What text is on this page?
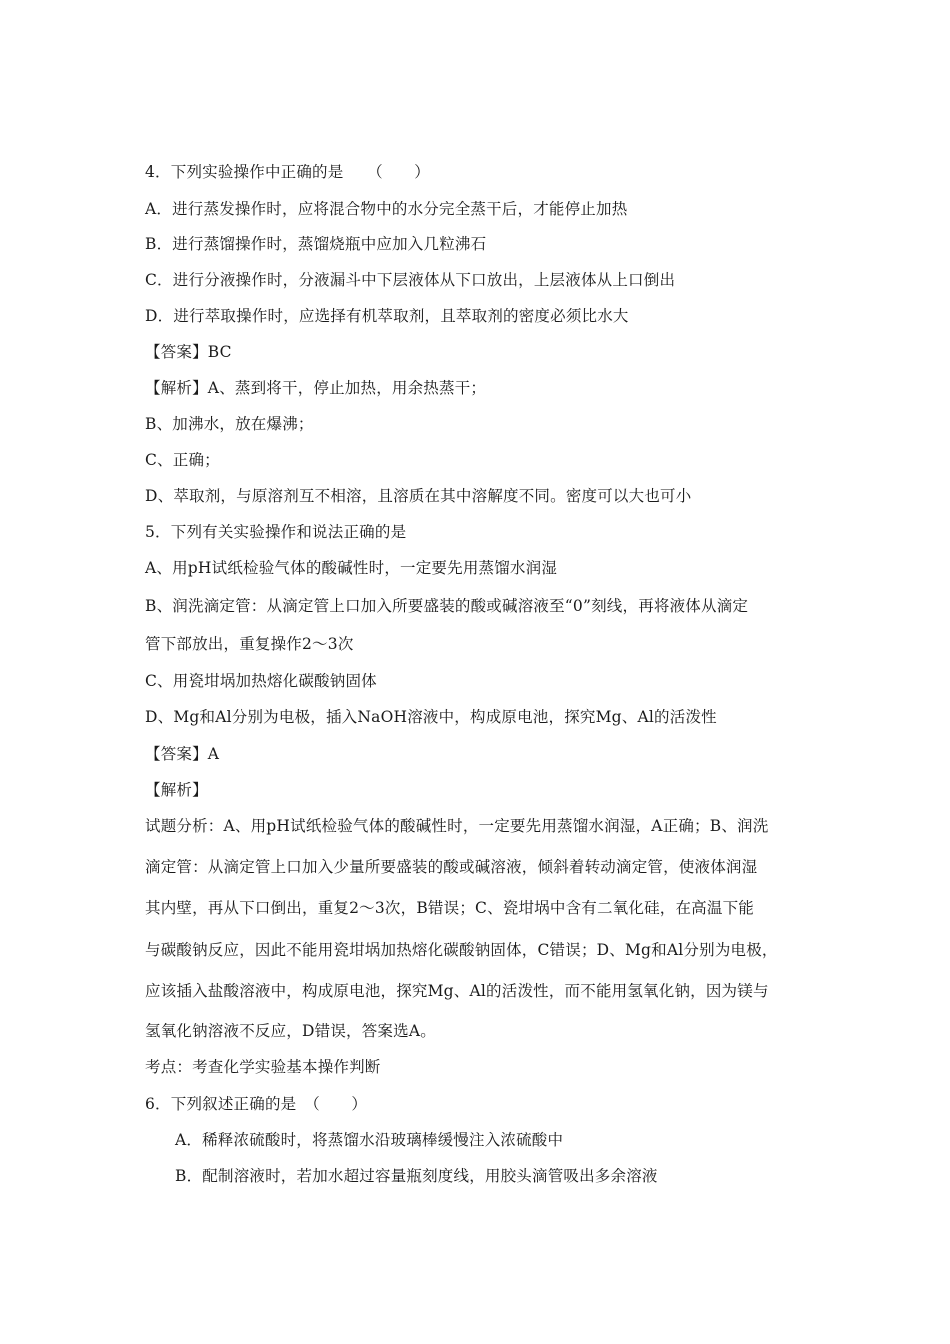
4．下列实验操作中正确的是　　（　　）
A．进行蒸发操作时，应将混合物中的水分完全蒸干后，才能停止加热
B．进行蒸馏操作时，蒸馏烧瓶中应加入几粒沸石
C．进行分液操作时，分液漏斗中下层液体从下口放出，上层液体从上口倒出
D．进行萃取操作时，应选择有机萃取剂，且萃取剂的密度必须比水大
【答案】BC
【解析】A、蒸到将干，停止加热，用余热蒸干；
B、加沸水，放在爆沸；
C、正确；
D、萃取剂，与原溶剂互不相溶，且溶质在其中溶解度不同。密度可以大也可小
5．下列有关实验操作和说法正确的是
A、用pH试纸检验气体的酸碱性时，一定要先用蒸馏水润湿
B、润洗滴定管：从滴定管上口加入所要盛装的酸或碱溶液至“0”刻线，再将液体从滴定
管下部放出，重复操作2～3次
C、用瓷坩埚加热熔化碳酸钠固体
D、Mg和Al分别为电极，插入NaOH溶液中，构成原电池，探究Mg、Al的活泼性
【答案】A
【解析】
试题分析：A、用pH试纸检验气体的酸碱性时，一定要先用蒸馏水润湿，A正确；B、润洗
滴定管：从滴定管上口加入少量所要盛装的酸或碱溶液，倾斜着转动滴定管，使液体润湿
其内壁，再从下口倒出，重复2～3次，B错误；C、瓷坩埚中含有二氧化硅，在高温下能
与碳酸钠反应，因此不能用瓷坩埚加热熔化碳酸钠固体，C错误；D、Mg和Al分别为电极，
应该插入盐酸溶液中，构成原电池，探究Mg、Al的活泼性，而不能用氢氧化钠，因为镁与
氢氧化钠溶液不反应，D错误，答案选A。
考点：考查化学实验基本操作判断
6．下列叙述正确的是　（　　）
A．稀释浓硫酸时，将蒸馏水沿玻璃棒缓慢注入浓硫酸中
B．配制溶液时，若加水超过容量瓶刻度线，用胶头滴管吸出多余溶液
